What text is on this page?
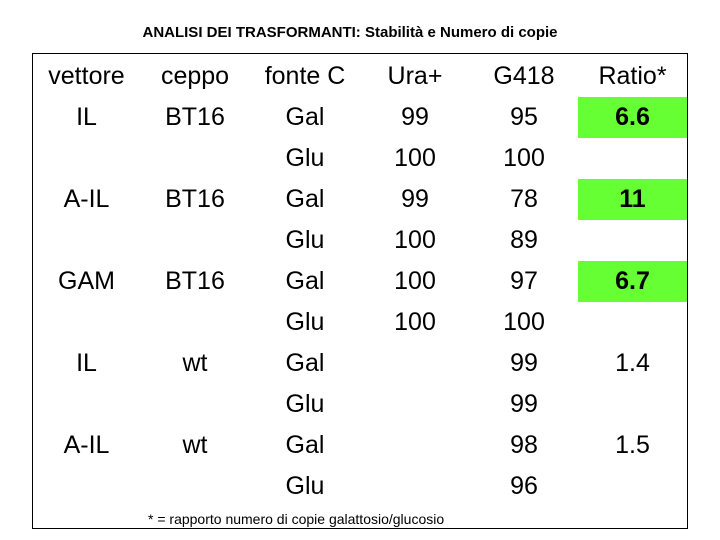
ANALISI DEI TRASFORMANTI: Stabilità e Numero di copie
vettore	ceppo	fonte C	Ura+	G418	Ratio*
IL	BT16	Gal	99	95	6.6
		Glu	100	100	
A-IL	BT16	Gal	99	78	11
		Glu	100	89	
GAM	BT16	Gal	100	97	6.7
		Glu	100	100	
IL	wt	Gal		99	1.4
		Glu		99	
A-IL	wt	Gal		98	1.5
		Glu		96	
* = rapporto numero di copie galattosio/glucosio
